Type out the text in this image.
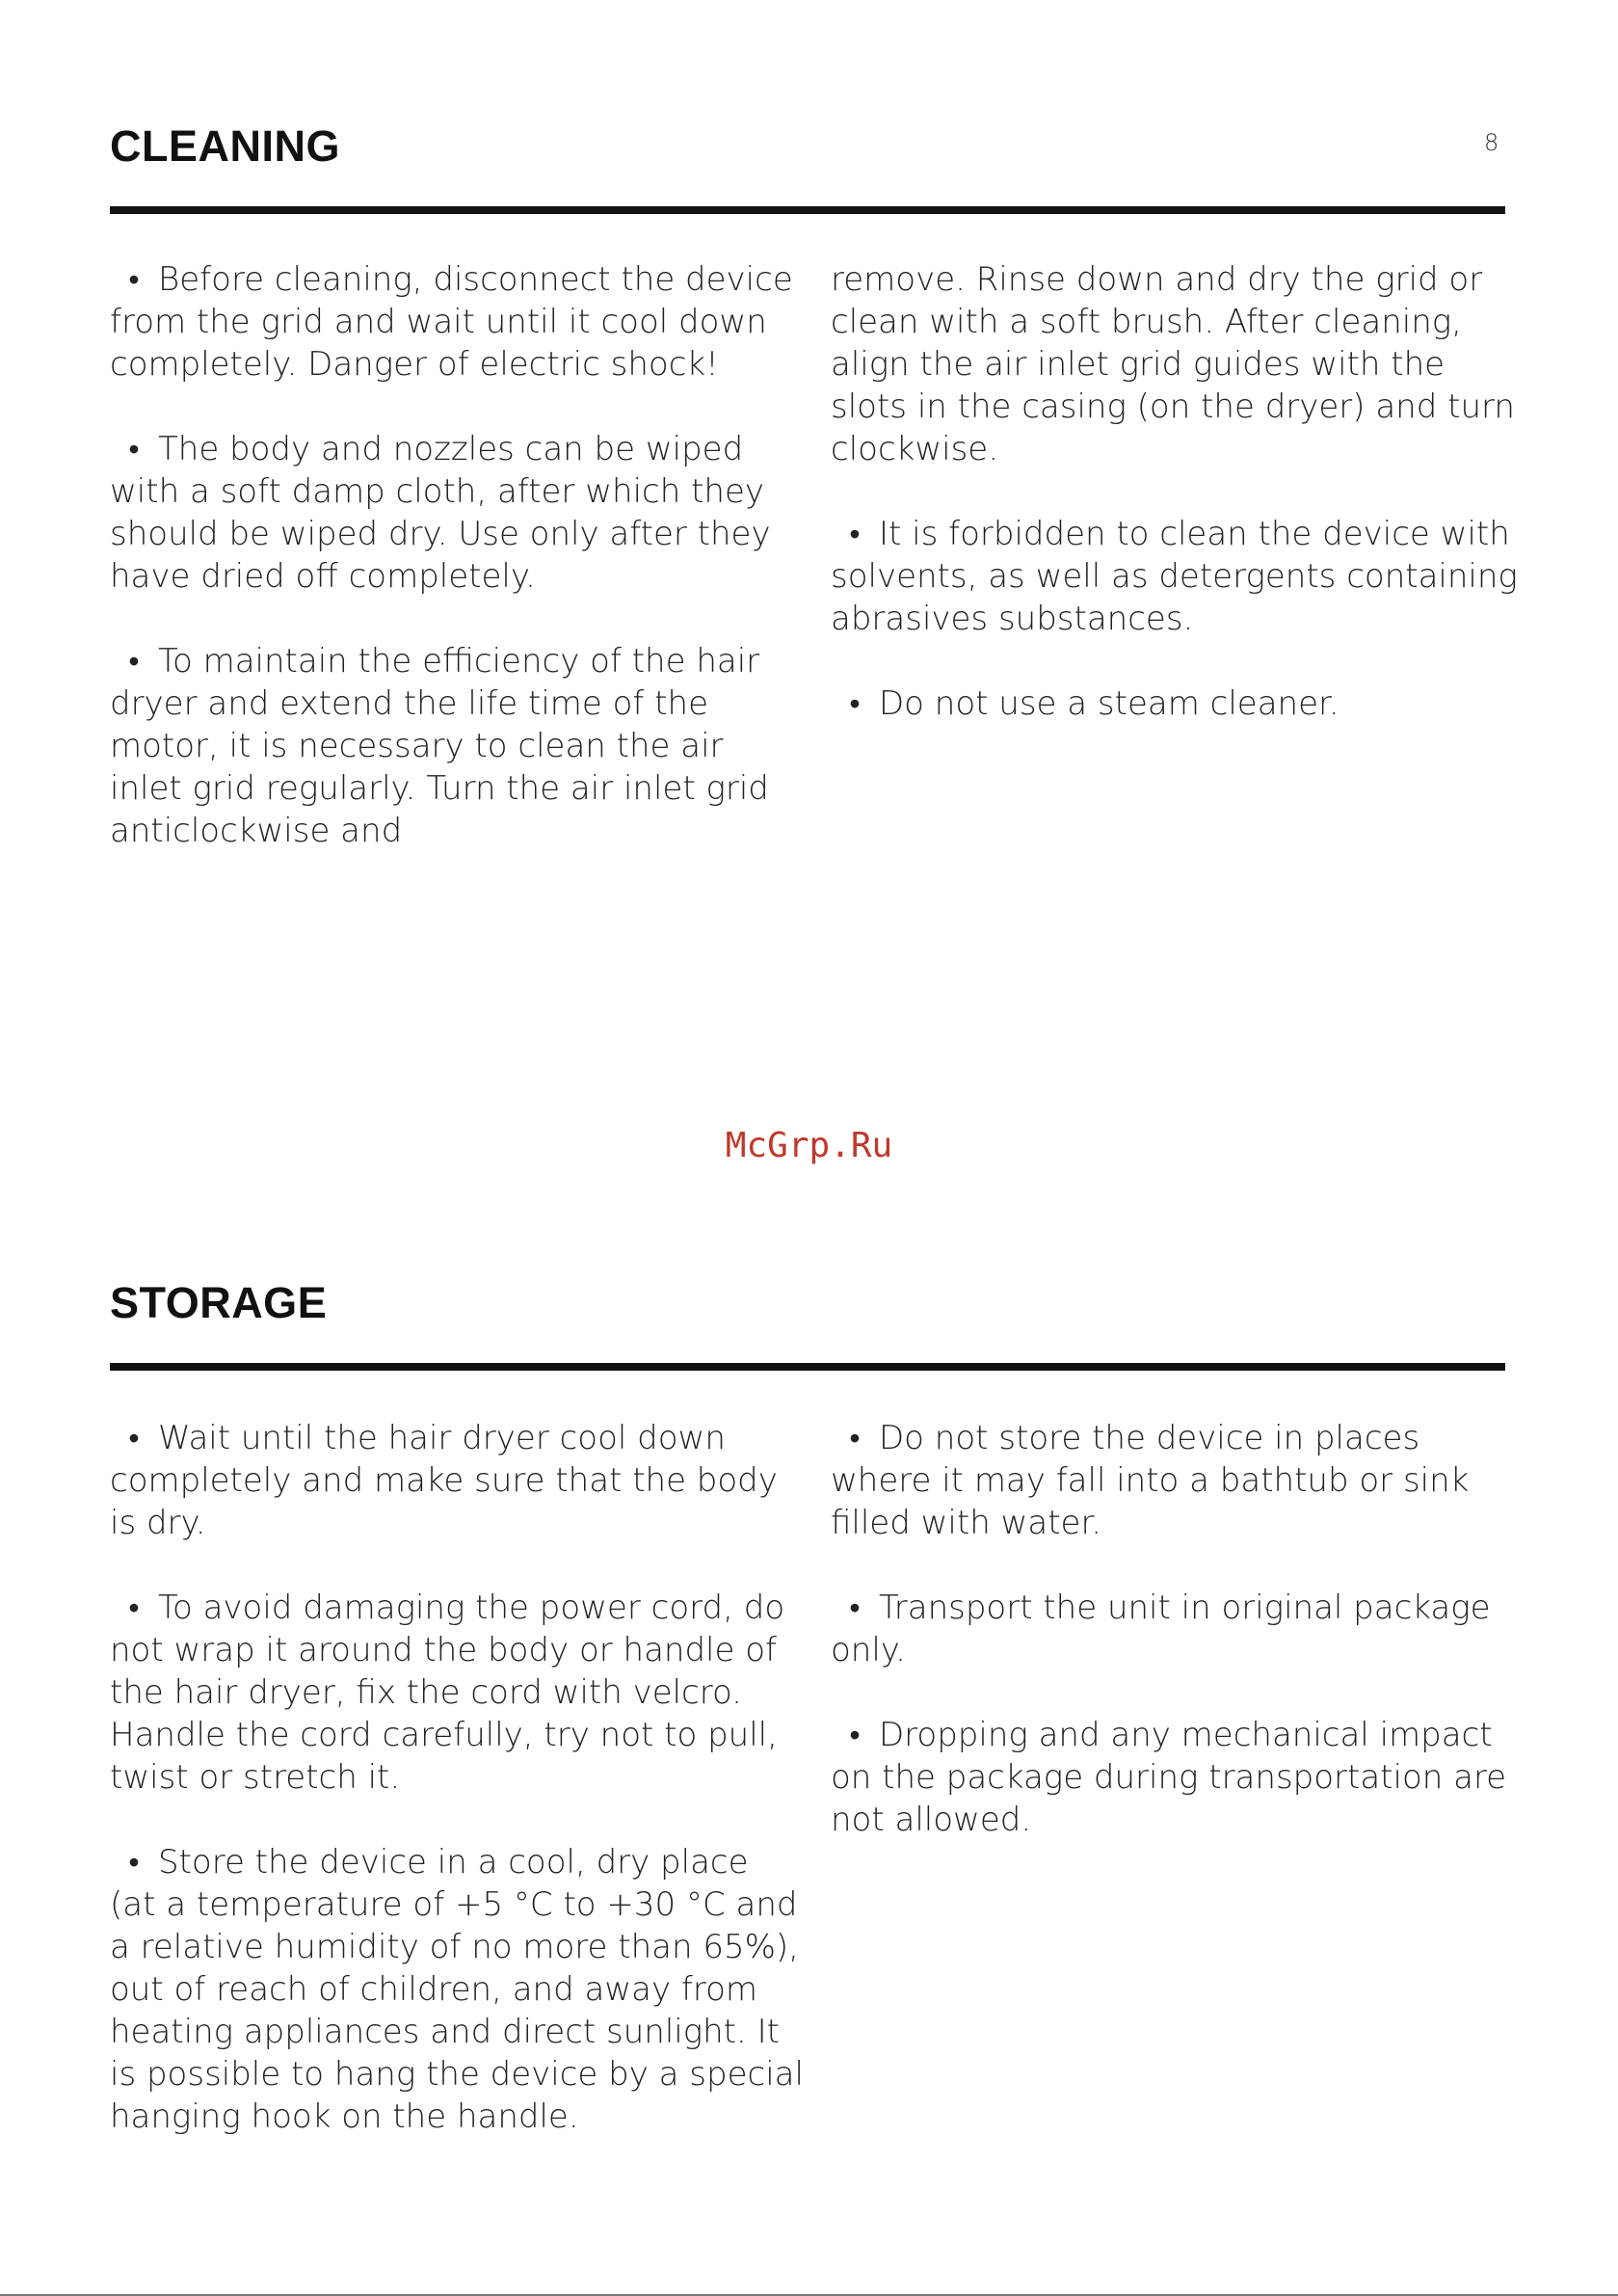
8
CLEANING

• Before cleaning, disconnect the device from the grid and wait until it cool down completely. Danger of electric shock!

• The body and nozzles can be wiped with a soft damp cloth, after which they should be wiped dry. Use only after they have dried off completely.

• To maintain the efficiency of the hair dryer and extend the life time of the motor, it is necessary to clean the air inlet grid regularly. Turn the air inlet grid anticlockwise and

remove. Rinse down and dry the grid or clean with a soft brush. After cleaning, align the air inlet grid guides with the slots in the casing (on the dryer) and turn clockwise.

• It is forbidden to clean the device with solvents, as well as detergents containing abrasives substances.

• Do not use a steam cleaner.

McGrp.Ru
STORAGE

• Wait until the hair dryer cool down completely and make sure that the body is dry.

• To avoid damaging the power cord, do not wrap it around the body or handle of the hair dryer, fix the cord with velcro. Handle the cord carefully, try not to pull, twist or stretch it.

• Store the device in a cool, dry place (at a temperature of +5 °C to +30 °C and a relative humidity of no more than 65%), out of reach of children, and away from heating appliances and direct sunlight. It is possible to hang the device by a special hanging hook on the handle.

• Do not store the device in places where it may fall into a bathtub or sink filled with water.

• Transport the unit in original package only.

• Dropping and any mechanical impact on the package during transportation are not allowed.
